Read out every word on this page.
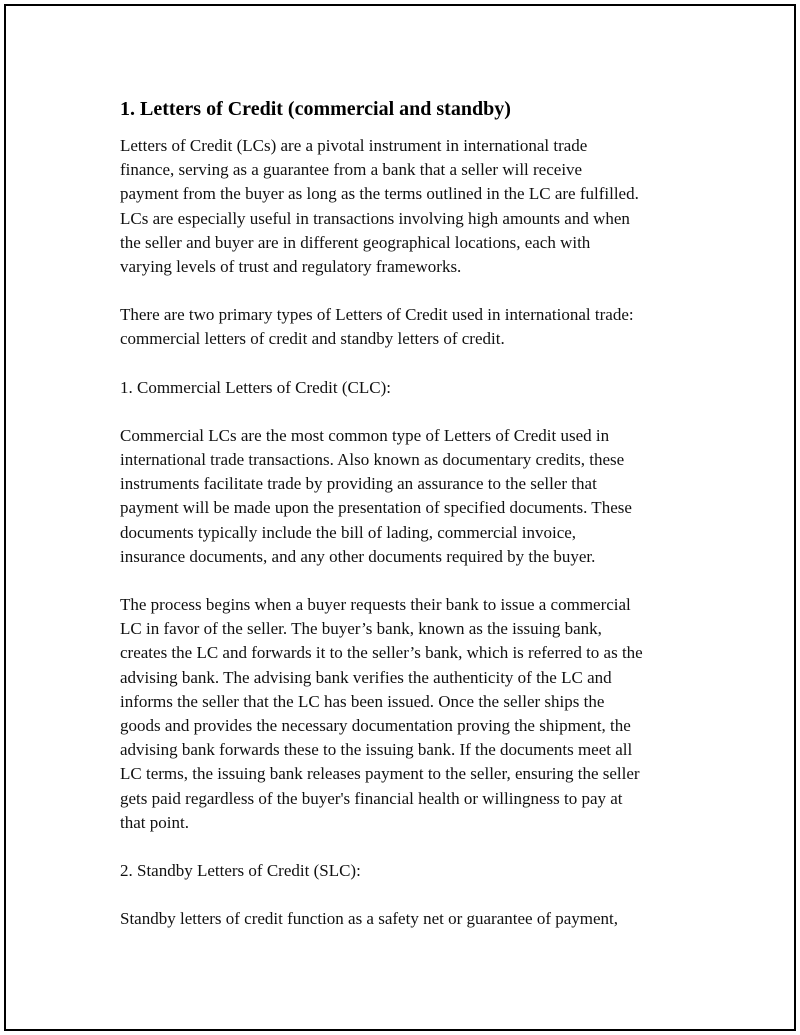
1. Letters of Credit (commercial and standby)

Letters of Credit (LCs) are a pivotal instrument in international trade
finance, serving as a guarantee from a bank that a seller will receive
payment from the buyer as long as the terms outlined in the LC are fulfilled.
LCs are especially useful in transactions involving high amounts and when
the seller and buyer are in different geographical locations, each with
varying levels of trust and regulatory frameworks.

There are two primary types of Letters of Credit used in international trade:
commercial letters of credit and standby letters of credit.

1. Commercial Letters of Credit (CLC):

Commercial LCs are the most common type of Letters of Credit used in
international trade transactions. Also known as documentary credits, these
instruments facilitate trade by providing an assurance to the seller that
payment will be made upon the presentation of specified documents. These
documents typically include the bill of lading, commercial invoice,
insurance documents, and any other documents required by the buyer.

The process begins when a buyer requests their bank to issue a commercial
LC in favor of the seller. The buyer’s bank, known as the issuing bank,
creates the LC and forwards it to the seller’s bank, which is referred to as the
advising bank. The advising bank verifies the authenticity of the LC and
informs the seller that the LC has been issued. Once the seller ships the
goods and provides the necessary documentation proving the shipment, the
advising bank forwards these to the issuing bank. If the documents meet all
LC terms, the issuing bank releases payment to the seller, ensuring the seller
gets paid regardless of the buyer's financial health or willingness to pay at
that point.

2. Standby Letters of Credit (SLC):

Standby letters of credit function as a safety net or guarantee of payment,
